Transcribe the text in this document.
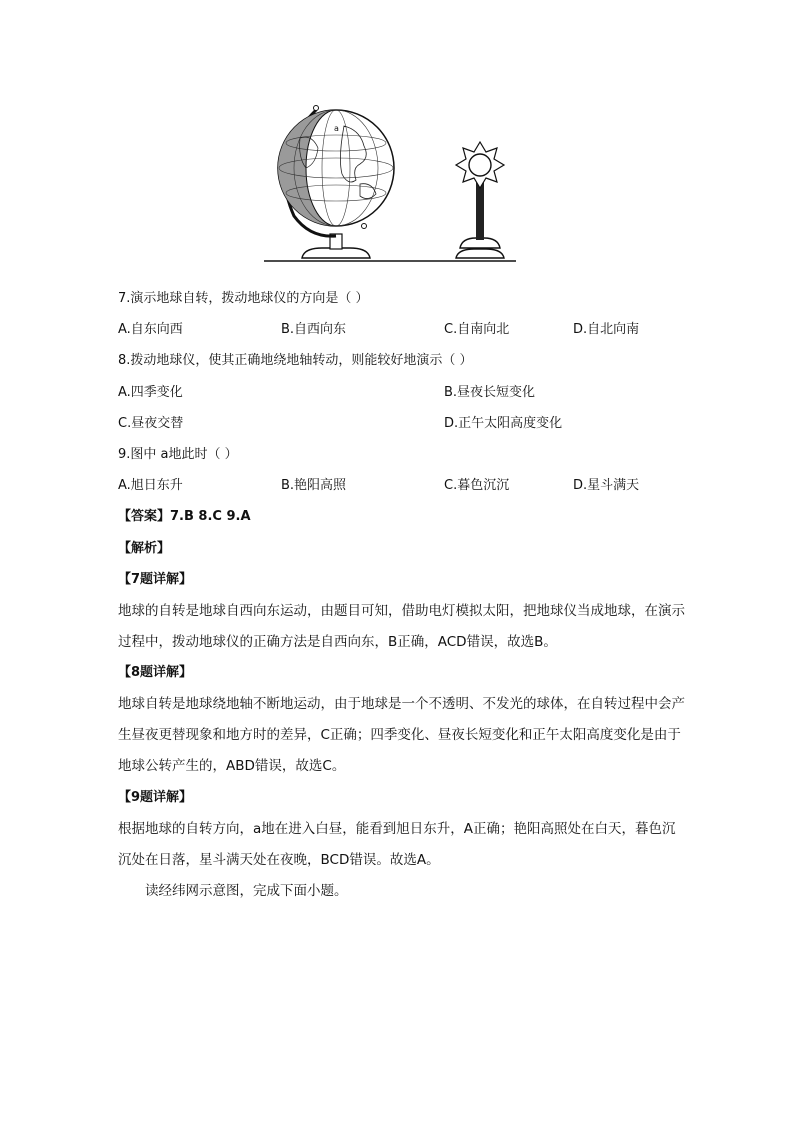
a
7.演示地球自转，拨动地球仪的方向是（ ）
A.自东向西	B.自西向东	C.自南向北	D.自北向南
8.拨动地球仪，使其正确地绕地轴转动，则能较好地演示（ ）
A.四季变化	B.昼夜长短变化
C.昼夜交替	D.正午太阳高度变化
9.图中 a地此时（ ）
A.旭日东升	B.艳阳高照	C.暮色沉沉	D.星斗满天
【答案】7.B 8.C 9.A
【解析】
【7题详解】
地球的自转是地球自西向东运动，由题目可知，借助电灯模拟太阳，把地球仪当成地球，在演示过程中，拨动地球仪的正确方法是自西向东，B正确，ACD错误，故选B。
【8题详解】
地球自转是地球绕地轴不断地运动，由于地球是一个不透明、不发光的球体，在自转过程中会产生昼夜更替现象和地方时的差异，C正确；四季变化、昼夜长短变化和正午太阳高度变化是由于地球公转产生的，ABD错误，故选C。
【9题详解】
根据地球的自转方向，a地在进入白昼，能看到旭日东升，A正确；艳阳高照处在白天，暮色沉沉处在日落，星斗满天处在夜晚，BCD错误。故选A。
读经纬网示意图，完成下面小题。
